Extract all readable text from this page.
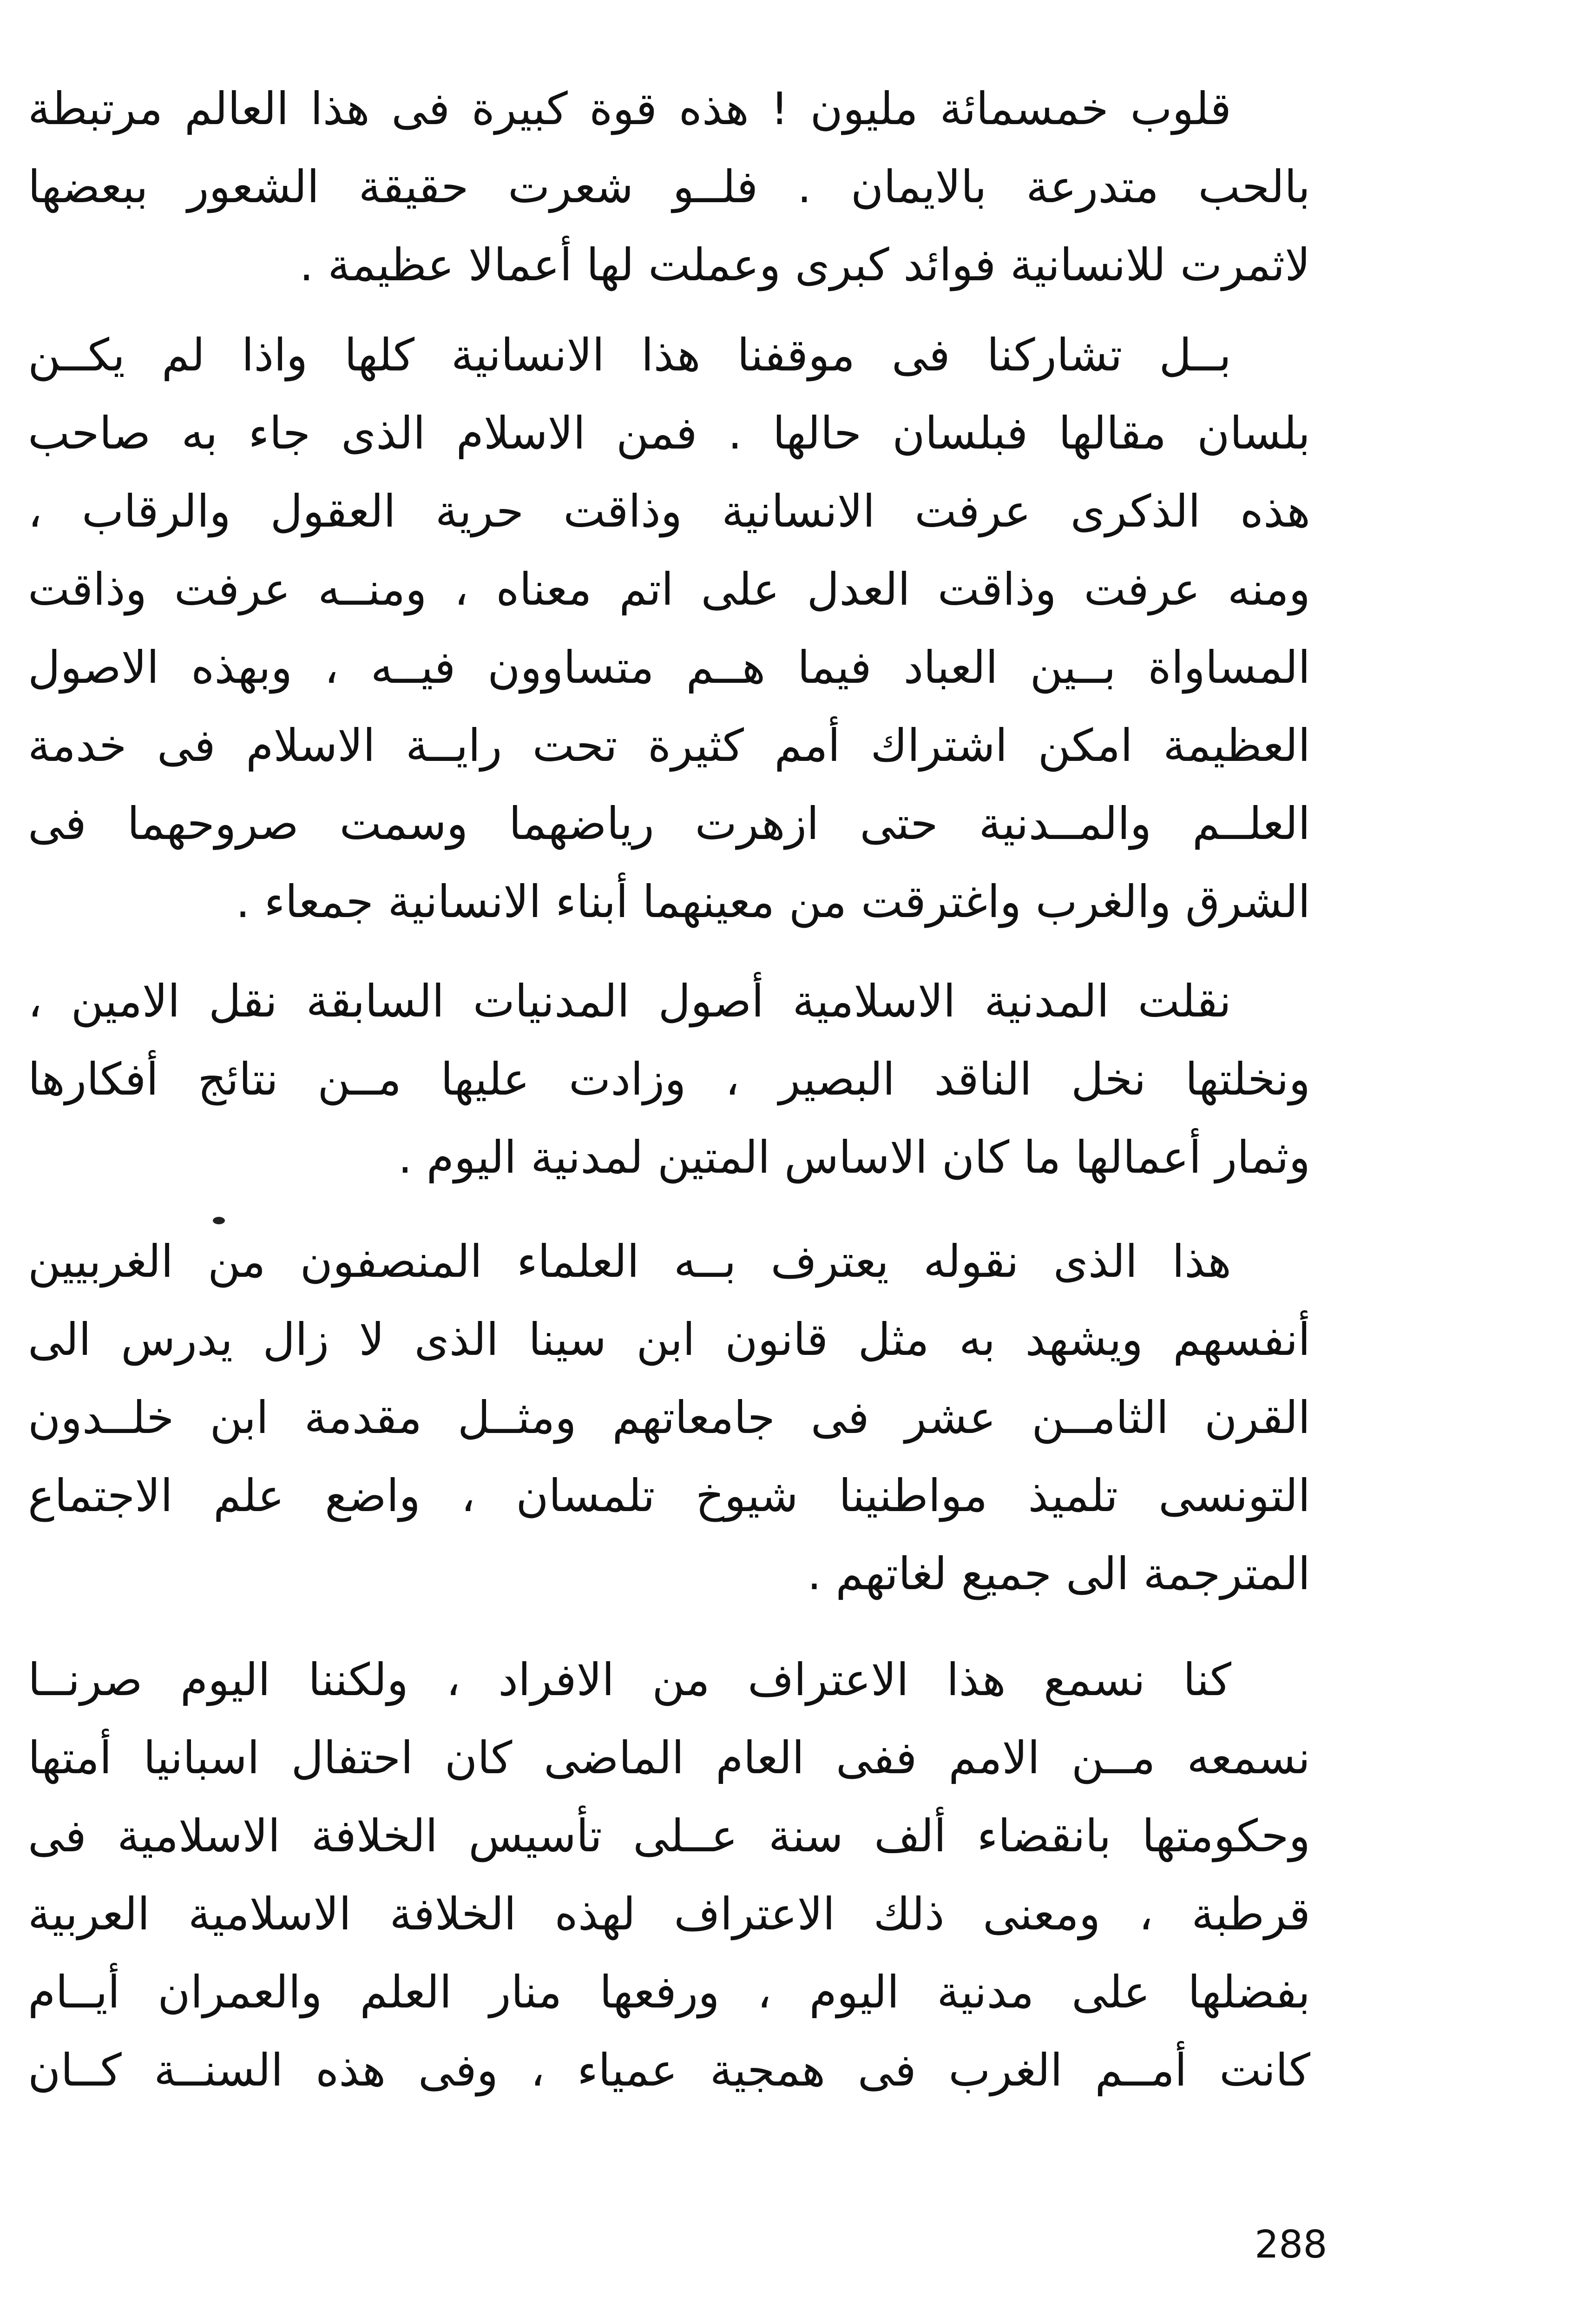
قلوب خمسمائة مليون ! هذه قوة كبيرة فى هذا العالم مرتبطة
بالحب متدرعة بالايمان . فلــو شعرت حقيقة الشعور ببعضها
لاثمرت للانسانية فوائد كبرى وعملت لها أعمالا عظيمة .
بــل تشاركنا فى موقفنا هذا الانسانية كلها واذا لم يكــن
بلسان مقالها فبلسان حالها . فمن الاسلام الذى جاء به صاحب
هذه الذكرى عرفت الانسانية وذاقت حرية العقول والرقاب ،
ومنه عرفت وذاقت العدل على اتم معناه ، ومنــه عرفت وذاقت
المساواة بــين العباد فيما هــم متساوون فيــه ، وبهذه الاصول
العظيمة امكن اشتراك أمم كثيرة تحت رايــة الاسلام فى خدمة
العلــم والمــدنية حتى ازهرت رياضهما وسمت صروحهما فى
الشرق والغرب واغترقت من معينهما أبناء الانسانية جمعاء .
نقلت المدنية الاسلامية أصول المدنيات السابقة نقل الامين ،
ونخلتها نخل الناقد البصير ، وزادت عليها مــن نتائج أفكارها
وثمار أعمالها ما كان الاساس المتين لمدنية اليوم .
هذا الذى نقوله يعترف بــه العلماء المنصفون من الغربيين
أنفسهم ويشهد به مثل قانون ابن سينا الذى لا زال يدرس الى
القرن الثامــن عشر فى جامعاتهم ومثــل مقدمة ابن خلــدون
التونسى تلميذ مواطنينا شيوخ تلمسان ، واضع علم الاجتماع
المترجمة الى جميع لغاتهم .
كنا نسمع هذا الاعتراف من الافراد ، ولكننا اليوم صرنــا
نسمعه مــن الامم ففى العام الماضى كان احتفال اسبانيا أمتها
وحكومتها بانقضاء ألف سنة عــلى تأسيس الخلافة الاسلامية فى
قرطبة ، ومعنى ذلك الاعتراف لهذه الخلافة الاسلامية العربية
بفضلها على مدنية اليوم ، ورفعها منار العلم والعمران أيــام
كانت أمــم الغرب فى همجية عمياء ، وفى هذه السنــة كــان
288
